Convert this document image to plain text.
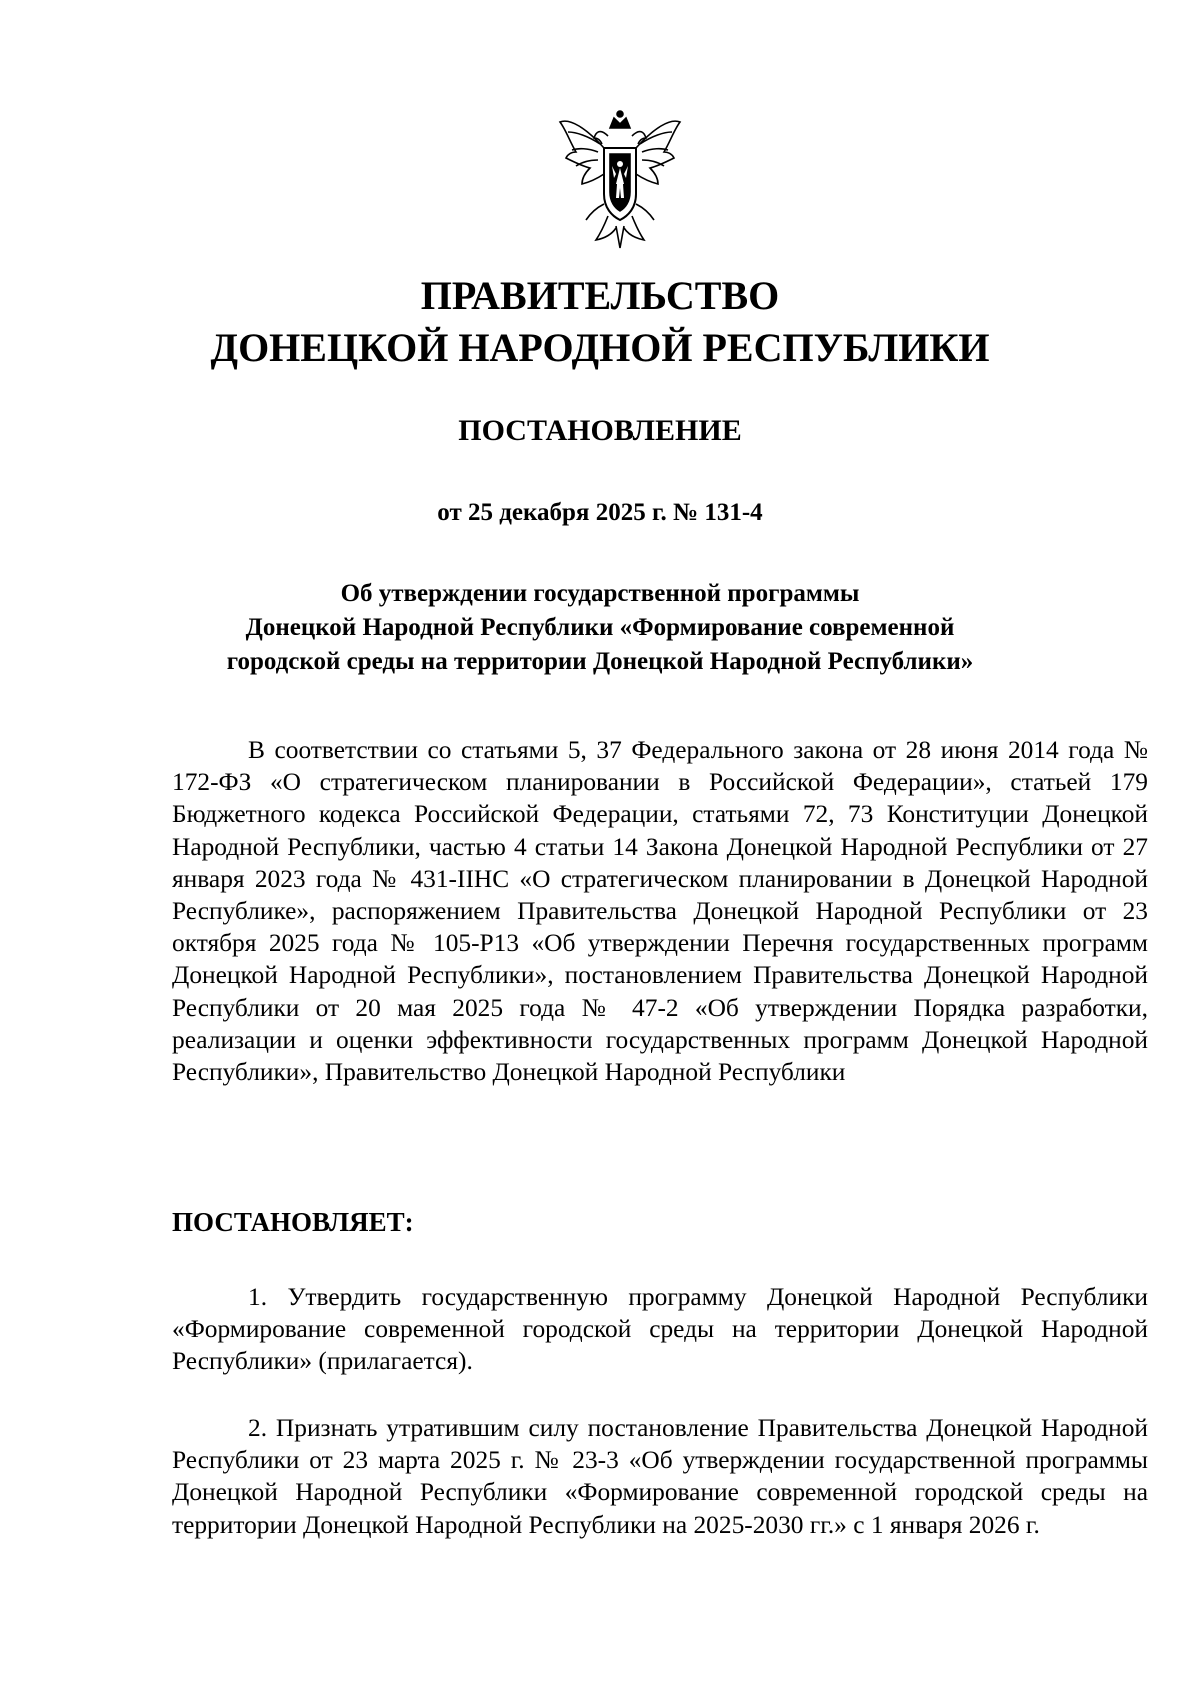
ПРАВИТЕЛЬСТВО
ДОНЕЦКОЙ НАРОДНОЙ РЕСПУБЛИКИ
ПОСТАНОВЛЕНИЕ
от 25 декабря 2025 г. № 131-4
Об утверждении государственной программы
Донецкой Народной Республики «Формирование современной
городской среды на территории Донецкой Народной Республики»

В соответствии со статьями 5, 37 Федерального закона от 28 июня 2014 года № 172-ФЗ «О стратегическом планировании в Российской Федерации», статьей 179 Бюджетного кодекса Российской Федерации, статьями 72, 73 Конституции Донецкой Народной Республики, частью 4 статьи 14 Закона Донецкой Народной Республики от 27 января 2023 года № 431-IIНС «О стратегическом планировании в Донецкой Народной Республике», распоряжением Правительства Донецкой Народной Республики от 23 октября 2025 года № 105-Р13 «Об утверждении Перечня государственных программ Донецкой Народной Республики», постановлением Правительства Донецкой Народной Республики от 20 мая 2025 года № 47-2 «Об утверждении Порядка разработки, реализации и оценки эффективности государственных программ Донецкой Народной Республики», Правительство Донецкой Народной Республики

ПОСТАНОВЛЯЕТ:

1. Утвердить государственную программу Донецкой Народной Республики «Формирование современной городской среды на территории Донецкой Народной Республики» (прилагается).

2. Признать утратившим силу постановление Правительства Донецкой Народной Республики от 23 марта 2025 г. № 23-3 «Об утверждении государственной программы Донецкой Народной Республики «Формирование современной городской среды на территории Донецкой Народной Республики на 2025-2030 гг.» с 1 января 2026 г.
